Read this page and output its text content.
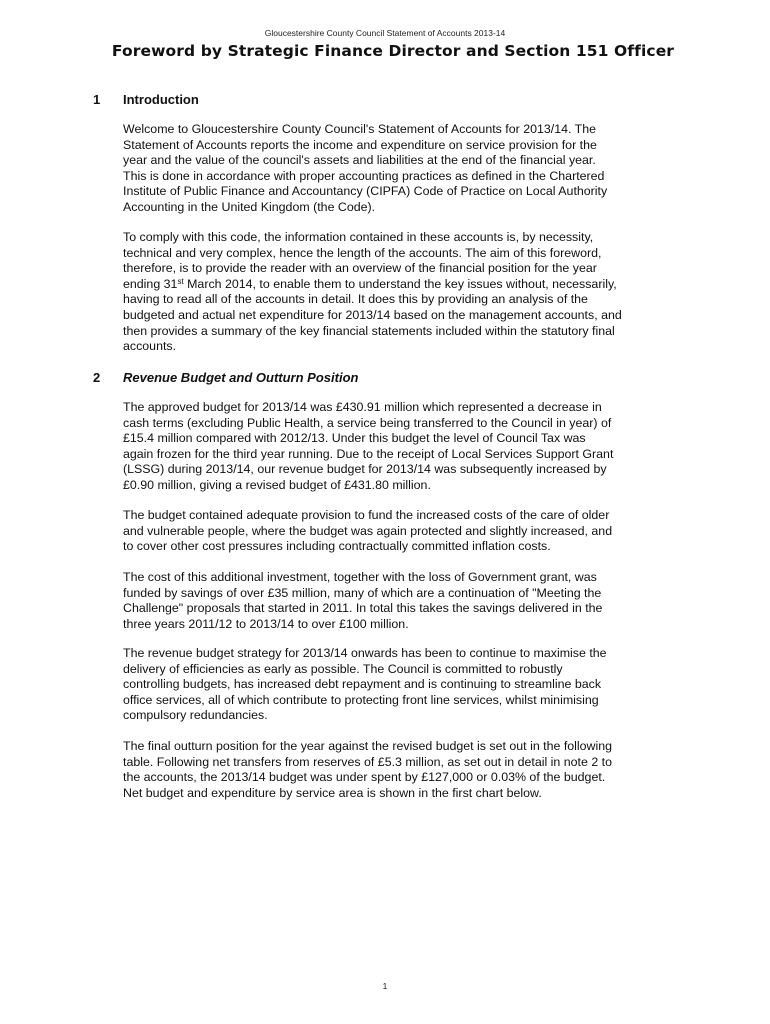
Gloucestershire County Council Statement of Accounts 2013-14
Foreword by Strategic Finance Director and Section 151 Officer
1 Introduction

Welcome to Gloucestershire County Council's Statement of Accounts for 2013/14. The
Statement of Accounts reports the income and expenditure on service provision for the
year and the value of the council's assets and liabilities at the end of the financial year.
This is done in accordance with proper accounting practices as defined in the Chartered
Institute of Public Finance and Accountancy (CIPFA) Code of Practice on Local Authority
Accounting in the United Kingdom (the Code).

To comply with this code, the information contained in these accounts is, by necessity,
technical and very complex, hence the length of the accounts. The aim of this foreword,
therefore, is to provide the reader with an overview of the financial position for the year
ending 31st March 2014, to enable them to understand the key issues without, necessarily,
having to read all of the accounts in detail. It does this by providing an analysis of the
budgeted and actual net expenditure for 2013/14 based on the management accounts, and
then provides a summary of the key financial statements included within the statutory final
accounts.

2 Revenue Budget and Outturn Position

The approved budget for 2013/14 was £430.91 million which represented a decrease in
cash terms (excluding Public Health, a service being transferred to the Council in year) of
£15.4 million compared with 2012/13. Under this budget the level of Council Tax was
again frozen for the third year running. Due to the receipt of Local Services Support Grant
(LSSG) during 2013/14, our revenue budget for 2013/14 was subsequently increased by
£0.90 million, giving a revised budget of £431.80 million.

The budget contained adequate provision to fund the increased costs of the care of older
and vulnerable people, where the budget was again protected and slightly increased, and
to cover other cost pressures including contractually committed inflation costs.

The cost of this additional investment, together with the loss of Government grant, was
funded by savings of over £35 million, many of which are a continuation of "Meeting the
Challenge" proposals that started in 2011. In total this takes the savings delivered in the
three years 2011/12 to 2013/14 to over £100 million.

The revenue budget strategy for 2013/14 onwards has been to continue to maximise the
delivery of efficiencies as early as possible. The Council is committed to robustly
controlling budgets, has increased debt repayment and is continuing to streamline back
office services, all of which contribute to protecting front line services, whilst minimising
compulsory redundancies.

The final outturn position for the year against the revised budget is set out in the following
table. Following net transfers from reserves of £5.3 million, as set out in detail in note 2 to
the accounts, the 2013/14 budget was under spent by £127,000 or 0.03% of the budget.
Net budget and expenditure by service area is shown in the first chart below.

1
